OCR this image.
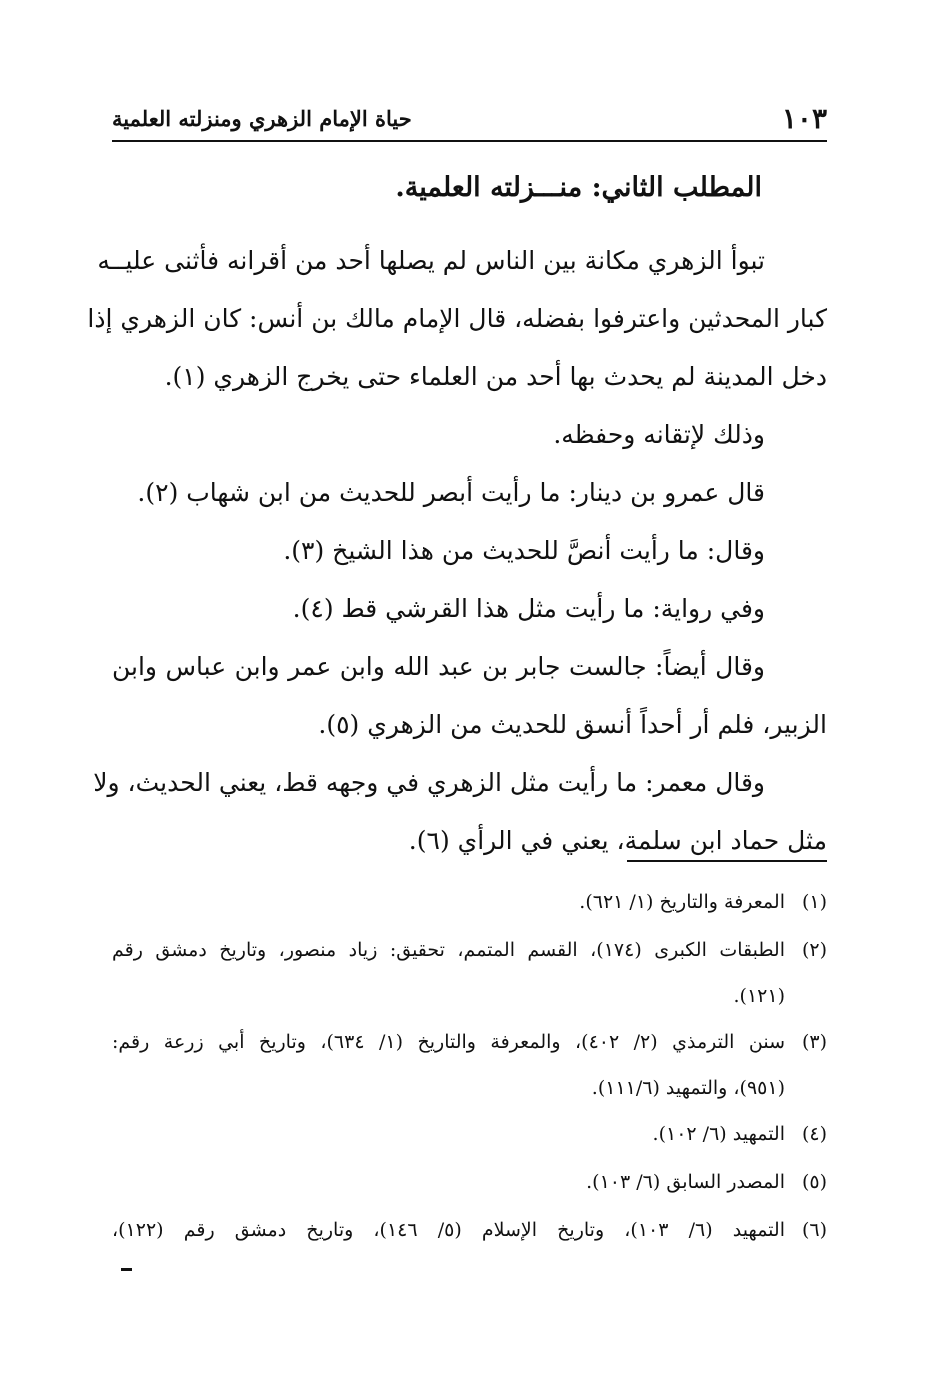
١٠٣
حياة الإمام الزهري ومنزلته العلمية
المطلب الثاني: منـــزلته العلمية.
تبوأ الزهري مكانة بين الناس لم يصلها أحد من أقرانه فأثنى عليــه
كبار المحدثين واعترفوا بفضله، قال الإمام مالك بن أنس: كان الزهري إذا
دخل المدينة لم يحدث بها أحد من العلماء حتى يخرج الزهري (١).
وذلك لإتقانه وحفظه.
قال عمرو بن دينار: ما رأيت أبصر للحديث من ابن شهاب (٢).
وقال: ما رأيت أنصَّ للحديث من هذا الشيخ (٣).
وفي رواية: ما رأيت مثل هذا القرشي قط (٤).
وقال أيضاً: جالست جابر بن عبد الله وابن عمر وابن عباس وابن
الزبير، فلم أر أحداً أنسق للحديث من الزهري (٥).
وقال معمر: ما رأيت مثل الزهري في وجهه قط، يعني الحديث، ولا
مثل حماد ابن سلمة، يعني في الرأي (٦).
(١)
المعرفة والتاريخ (١/ ٦٢١).
(٢)
الطبقات الكبرى (١٧٤)، القسم المتمم، تحقيق: زياد منصور، وتاريخ دمشق رقم
(١٢١).
(٣)
سنن الترمذي (٢/ ٤٠٢)، والمعرفة والتاريخ (١/ ٦٣٤)، وتاريخ أبي زرعة رقم:
(٩٥١)، والتمهيد (١١١/٦).
(٤)
التمهيد (٦/ ١٠٢).
(٥)
المصدر السابق (٦/ ١٠٣).
(٦)
التمهيد (٦/ ١٠٣)، وتاريخ الإسلام (٥/ ١٤٦)، وتاريخ دمشق رقم (١٢٢)،
